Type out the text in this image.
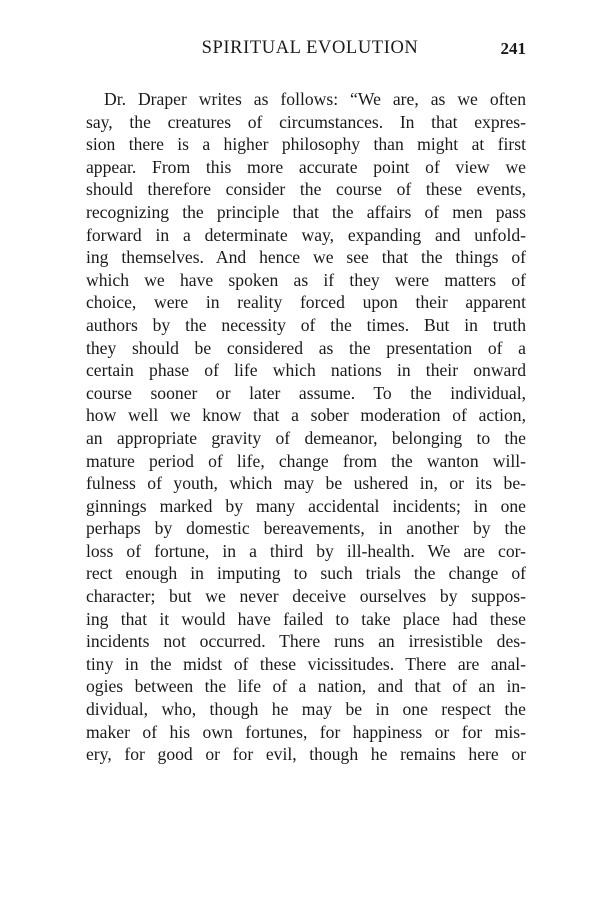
SPIRITUAL EVOLUTION	241
Dr. Draper writes as follows: “We are, as we often
say, the creatures of circumstances. In that expres-
sion there is a higher philosophy than might at first
appear. From this more accurate point of view we
should therefore consider the course of these events,
recognizing the principle that the affairs of men pass
forward in a determinate way, expanding and unfold-
ing themselves. And hence we see that the things of
which we have spoken as if they were matters of
choice, were in reality forced upon their apparent
authors by the necessity of the times. But in truth
they should be considered as the presentation of a
certain phase of life which nations in their onward
course sooner or later assume. To the individual,
how well we know that a sober moderation of action,
an appropriate gravity of demeanor, belonging to the
mature period of life, change from the wanton will-
fulness of youth, which may be ushered in, or its be-
ginnings marked by many accidental incidents; in one
perhaps by domestic bereavements, in another by the
loss of fortune, in a third by ill-health. We are cor-
rect enough in imputing to such trials the change of
character; but we never deceive ourselves by suppos-
ing that it would have failed to take place had these
incidents not occurred. There runs an irresistible des-
tiny in the midst of these vicissitudes. There are anal-
ogies between the life of a nation, and that of an in-
dividual, who, though he may be in one respect the
maker of his own fortunes, for happiness or for mis-
ery, for good or for evil, though he remains here or
